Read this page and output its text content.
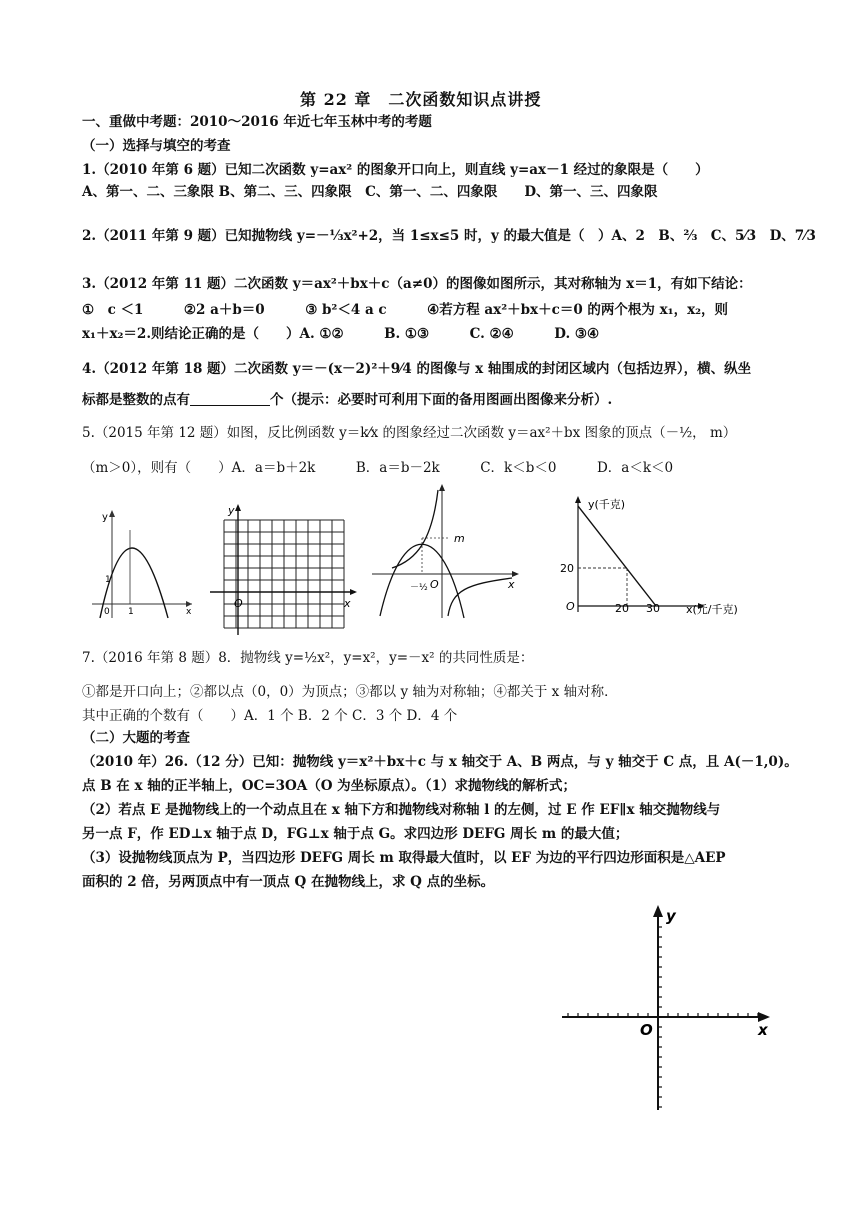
第 22 章　二次函数知识点讲授
一、重做中考题：2010～2016 年近七年玉林中考的考题
（一）选择与填空的考查
1.（2010 年第 6 题）已知二次函数 y=ax² 的图象开口向上，则直线 y=ax－1 经过的象限是（　　）
A、第一、二、三象限 B、第二、三、四象限　C、第一、二、四象限　　D、第一、三、四象限
2.（2011 年第 9 题）已知抛物线 y=－⅓x²+2，当 1≤x≤5 时，y 的最大值是（　）A、2　B、⅔　C、5⁄3　D、7⁄3
3.（2012 年第 11 题）二次函数 y＝ax²＋bx＋c（a≠0）的图像如图所示，其对称轴为 x＝1，有如下结论：
①　c ＜1　　　②2 a＋b＝0　　　③ b²＜4 a c　　　④若方程 ax²＋bx＋c＝0 的两个根为 x₁，x₂，则
x₁＋x₂＝2.则结论正确的是（　　）A. ①②　　　B. ①③　　　C. ②④　　　D. ③④
4.（2012 年第 18 题）二次函数 y＝－(x－2)²＋9⁄4 的图像与 x 轴围成的封闭区域内（包括边界），横、纵坐
标都是整数的点有	个（提示：必要时可利用下面的备用图画出图像来分析）.
5.（2015 年第 12 题）如图，反比例函数 y＝k⁄x 的图象经过二次函数 y＝ax²＋bx 图象的顶点（－½， m）
（m＞0），则有（　　）A．a＝b＋2k　　　B．a＝b－2k　　　C．k＜b＜0　　　D．a＜k＜0
y
1
0 1	x
y
O	x
m
O	x
－½
y(千克)
20
O	20 30 x(元/千克)
7.（2016 年第 8 题）8．抛物线 y=½x²，y=x²，y=－x² 的共同性质是：
①都是开口向上；②都以点（0，0）为顶点；③都以 y 轴为对称轴；④都关于 x 轴对称．
其中正确的个数有（　　）A．1 个 B．2 个 C．3 个 D．4 个
（二）大题的考查
（2010 年）26.（12 分）已知：抛物线 y＝x²＋bx＋c 与 x 轴交于 A、B 两点，与 y 轴交于 C 点，且 A(－1,0)。
点 B 在 x 轴的正半轴上，OC=3OA（O 为坐标原点）。（1）求抛物线的解析式；
（2）若点 E 是抛物线上的一个动点且在 x 轴下方和抛物线对称轴 l 的左侧，过 E 作 EF∥x 轴交抛物线与
另一点 F，作 ED⊥x 轴于点 D，FG⊥x 轴于点 G。求四边形 DEFG 周长 m 的最大值；
（3）设抛物线顶点为 P，当四边形 DEFG 周长 m 取得最大值时，以 EF 为边的平行四边形面积是△AEP
面积的 2 倍，另两顶点中有一顶点 Q 在抛物线上，求 Q 点的坐标。
y
O	x
